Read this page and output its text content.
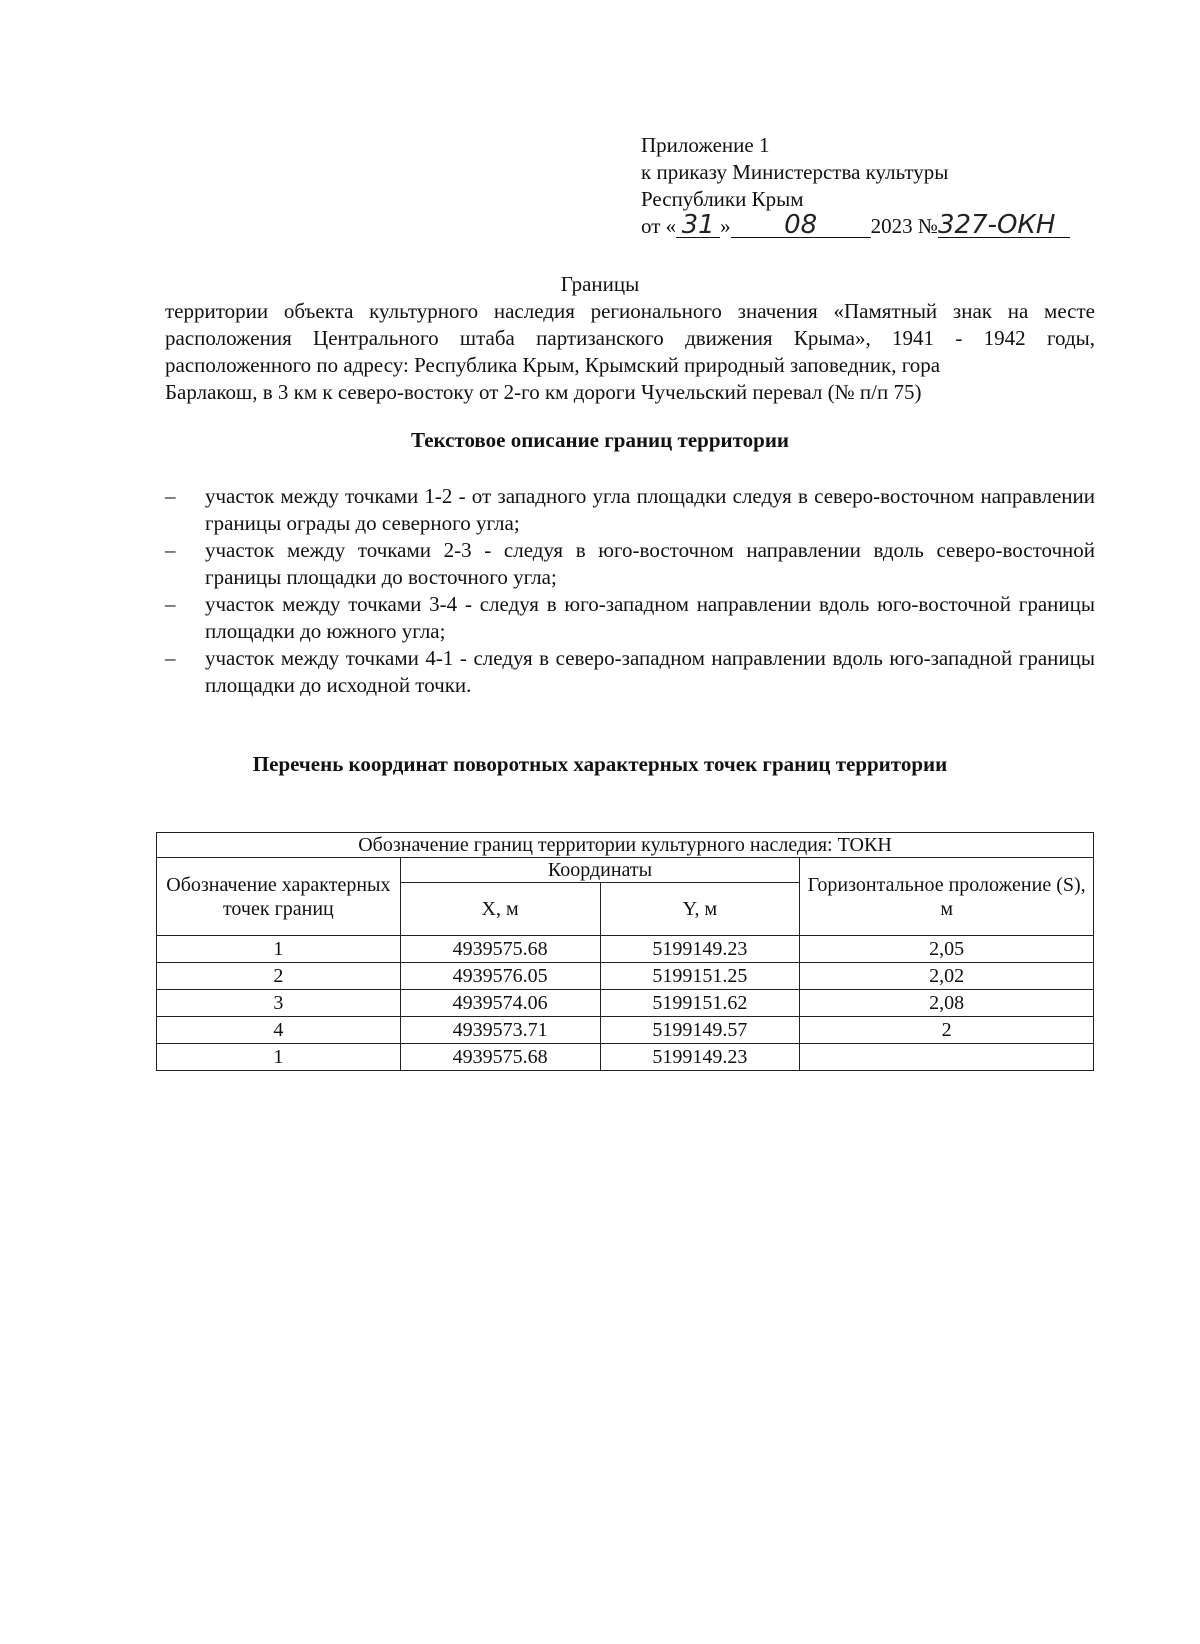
Приложение 1
к приказу Министерства культуры
Республики Крым
от « 31 » 08	2023 №327-ОКН
Границы
территории объекта культурного наследия регионального значения «Памятный знак на месте расположения Центрального штаба партизанского движения Крыма», 1941 - 1942 годы, расположенного по адресу: Республика Крым, Крымский природный заповедник, гора
Барлакош, в 3 км к северо-востоку от 2-го км дороги Чучельский перевал (№ п/п 75)
Текстовое описание границ территории
– участок между точками 1-2 - от западного угла площадки следуя в северо-восточном направлении границы ограды до северного угла;
– участок между точками 2-3 - следуя в юго-восточном направлении вдоль северо-восточной границы площадки до восточного угла;
– участок между точками 3-4 - следуя в юго-западном направлении вдоль юго-восточной границы площадки до южного угла;
– участок между точками 4-1 - следуя в северо-западном направлении вдоль юго-западной границы площадки до исходной точки.
Перечень координат поворотных характерных точек границ территории
Обозначение границ территории культурного наследия: ТОКН			
Обозначение характерных точек границ	Координаты		Горизонтальное проложение (S), м
	X, м	Y, м	
1	4939575.68	5199149.23	2,05
2	4939576.05	5199151.25	2,02
3	4939574.06	5199151.62	2,08
4	4939573.71	5199149.57	2
1	4939575.68	5199149.23	
